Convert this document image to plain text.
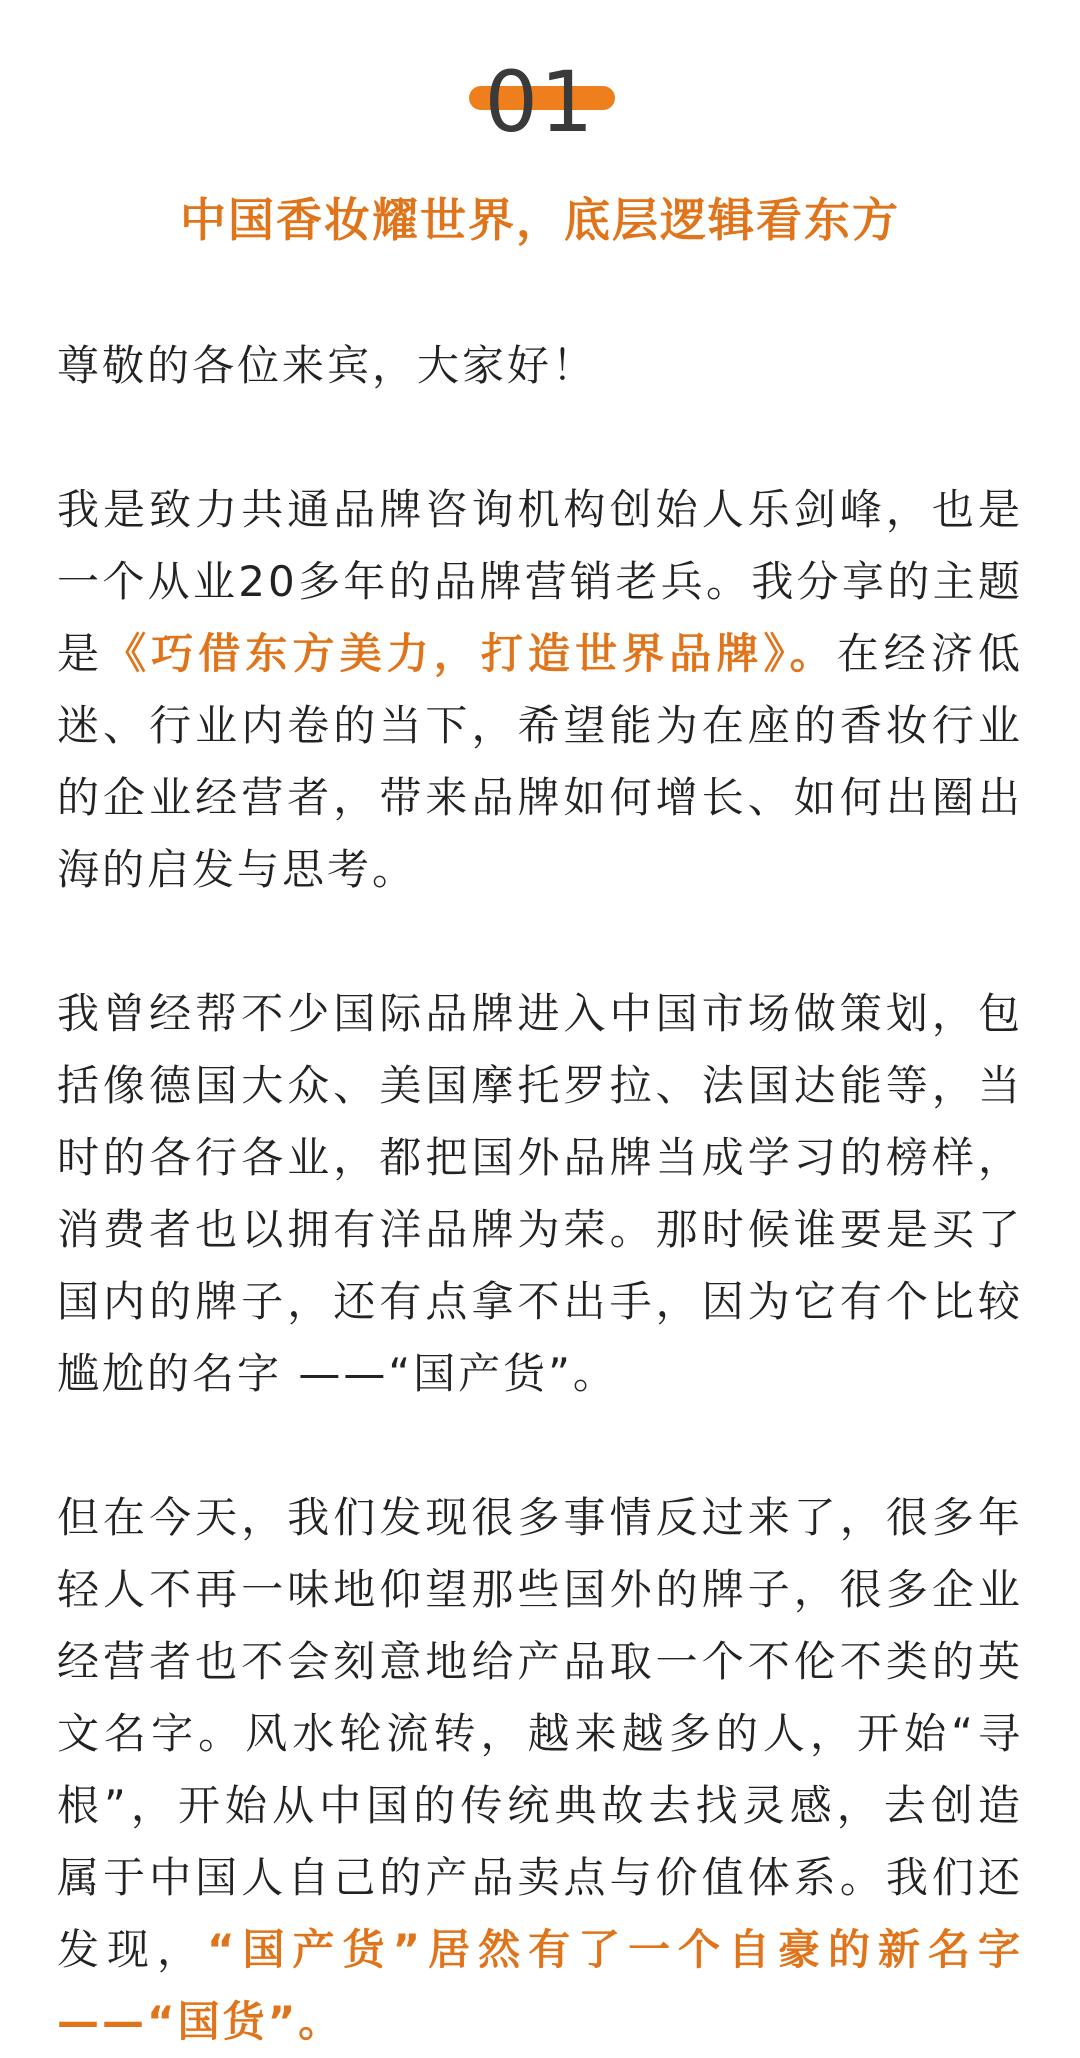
01
中国香妆耀世界，底层逻辑看东方

尊敬的各位来宾，大家好！

我是致力共通品牌咨询机构创始人乐剑峰，也是一个从业20多年的品牌营销老兵。我分享的主题是《巧借东方美力，打造世界品牌》。在经济低迷、行业内卷的当下，希望能为在座的香妆行业的企业经营者，带来品牌如何增长、如何出圈出海的启发与思考。

我曾经帮不少国际品牌进入中国市场做策划，包括像德国大众、美国摩托罗拉、法国达能等，当时的各行各业，都把国外品牌当成学习的榜样，消费者也以拥有洋品牌为荣。那时候谁要是买了国内的牌子，还有点拿不出手，因为它有个比较尴尬的名字 ——“国产货”。

但在今天，我们发现很多事情反过来了，很多年轻人不再一味地仰望那些国外的牌子，很多企业经营者也不会刻意地给产品取一个不伦不类的英文名字。风水轮流转，越来越多的人，开始“寻根”，开始从中国的传统典故去找灵感，去创造属于中国人自己的产品卖点与价值体系。我们还发现，“国产货”居然有了一个自豪的新名字 ——“国货”。
